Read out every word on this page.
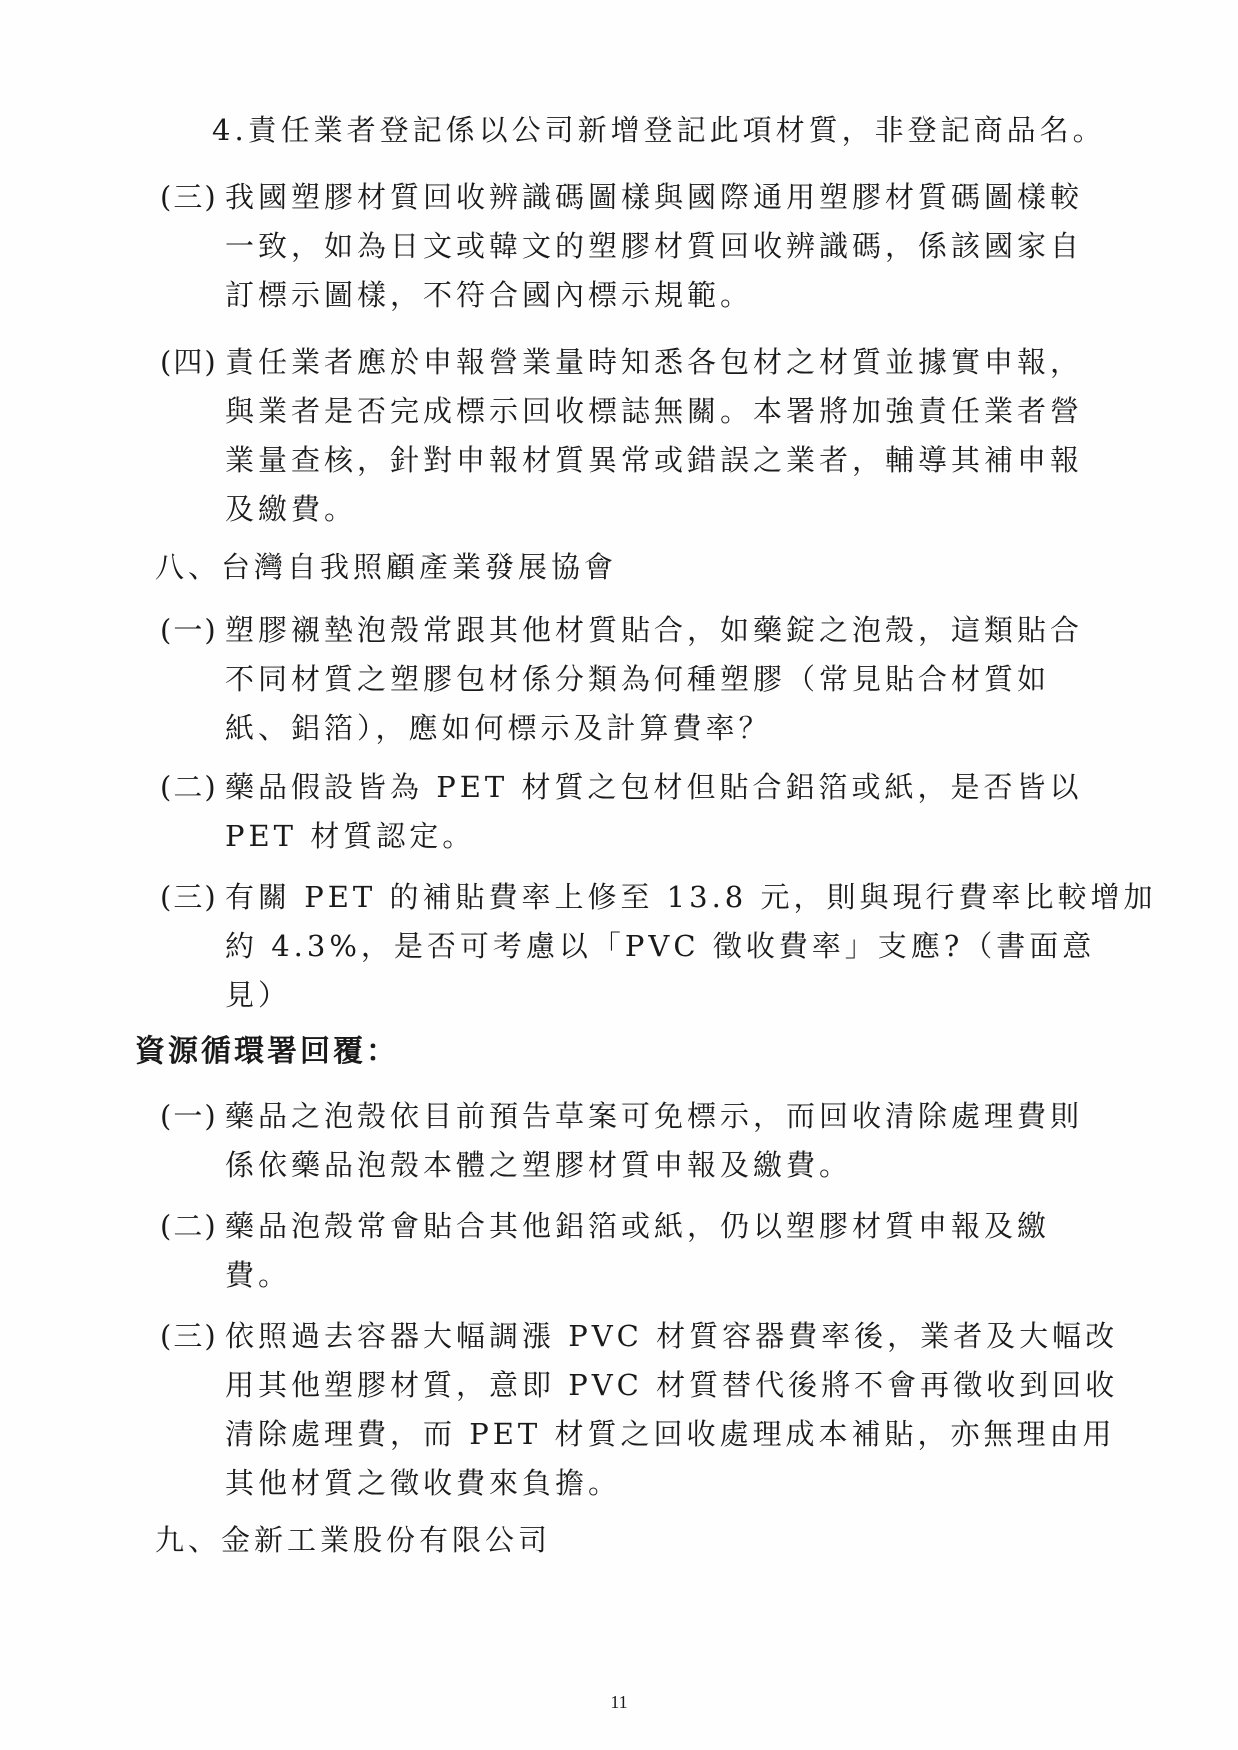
4.責任業者登記係以公司新增登記此項材質，非登記商品名。
(三) 我國塑膠材質回收辨識碼圖樣與國際通用塑膠材質碼圖樣較
一致，如為日文或韓文的塑膠材質回收辨識碼，係該國家自
訂標示圖樣，不符合國內標示規範。
(四) 責任業者應於申報營業量時知悉各包材之材質並據實申報，
與業者是否完成標示回收標誌無關。本署將加強責任業者營
業量查核，針對申報材質異常或錯誤之業者，輔導其補申報
及繳費。
八、台灣自我照顧產業發展協會
(一) 塑膠襯墊泡殼常跟其他材質貼合，如藥錠之泡殼，這類貼合
不同材質之塑膠包材係分類為何種塑膠（常見貼合材質如
紙、鋁箔），應如何標示及計算費率？
(二) 藥品假設皆為 PET 材質之包材但貼合鋁箔或紙，是否皆以
PET 材質認定。
(三) 有關 PET 的補貼費率上修至 13.8 元，則與現行費率比較增加
約 4.3%，是否可考慮以「PVC 徵收費率」支應?（書面意
見）
資源循環署回覆：
(一) 藥品之泡殼依目前預告草案可免標示，而回收清除處理費則
係依藥品泡殼本體之塑膠材質申報及繳費。
(二) 藥品泡殼常會貼合其他鋁箔或紙，仍以塑膠材質申報及繳
費。
(三) 依照過去容器大幅調漲 PVC 材質容器費率後，業者及大幅改
用其他塑膠材質，意即 PVC 材質替代後將不會再徵收到回收
清除處理費，而 PET 材質之回收處理成本補貼，亦無理由用
其他材質之徵收費來負擔。
九、金新工業股份有限公司
11
